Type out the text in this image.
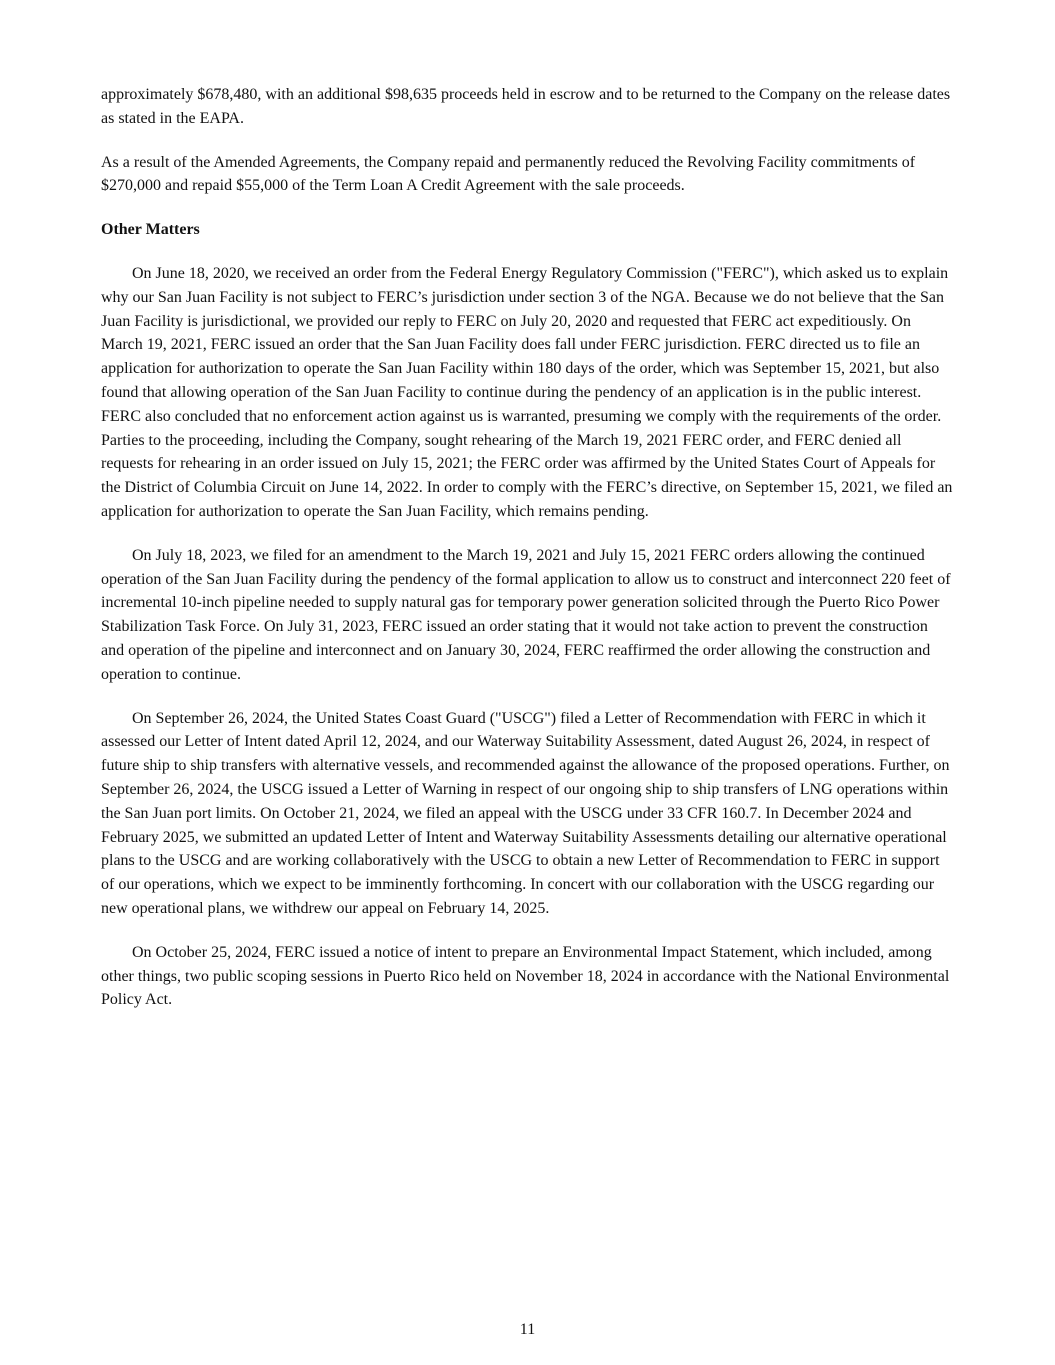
approximately $678,480, with an additional $98,635 proceeds held in escrow and to be returned to the Company on the release dates as stated in the EAPA.

As a result of the Amended Agreements, the Company repaid and permanently reduced the Revolving Facility commitments of $270,000 and repaid $55,000 of the Term Loan A Credit Agreement with the sale proceeds.

Other Matters

On June 18, 2020, we received an order from the Federal Energy Regulatory Commission ("FERC"), which asked us to explain why our San Juan Facility is not subject to FERC’s jurisdiction under section 3 of the NGA. Because we do not believe that the San Juan Facility is jurisdictional, we provided our reply to FERC on July 20, 2020 and requested that FERC act expeditiously. On March 19, 2021, FERC issued an order that the San Juan Facility does fall under FERC jurisdiction. FERC directed us to file an application for authorization to operate the San Juan Facility within 180 days of the order, which was September 15, 2021, but also found that allowing operation of the San Juan Facility to continue during the pendency of an application is in the public interest. FERC also concluded that no enforcement action against us is warranted, presuming we comply with the requirements of the order. Parties to the proceeding, including the Company, sought rehearing of the March 19, 2021 FERC order, and FERC denied all requests for rehearing in an order issued on July 15, 2021; the FERC order was affirmed by the United States Court of Appeals for the District of Columbia Circuit on June 14, 2022. In order to comply with the FERC’s directive, on September 15, 2021, we filed an application for authorization to operate the San Juan Facility, which remains pending.

On July 18, 2023, we filed for an amendment to the March 19, 2021 and July 15, 2021 FERC orders allowing the continued operation of the San Juan Facility during the pendency of the formal application to allow us to construct and interconnect 220 feet of incremental 10-inch pipeline needed to supply natural gas for temporary power generation solicited through the Puerto Rico Power Stabilization Task Force. On July 31, 2023, FERC issued an order stating that it would not take action to prevent the construction and operation of the pipeline and interconnect and on January 30, 2024, FERC reaffirmed the order allowing the construction and operation to continue.

On September 26, 2024, the United States Coast Guard ("USCG") filed a Letter of Recommendation with FERC in which it assessed our Letter of Intent dated April 12, 2024, and our Waterway Suitability Assessment, dated August 26, 2024, in respect of future ship to ship transfers with alternative vessels, and recommended against the allowance of the proposed operations. Further, on September 26, 2024, the USCG issued a Letter of Warning in respect of our ongoing ship to ship transfers of LNG operations within the San Juan port limits. On October 21, 2024, we filed an appeal with the USCG under 33 CFR 160.7. In December 2024 and February 2025, we submitted an updated Letter of Intent and Waterway Suitability Assessments detailing our alternative operational plans to the USCG and are working collaboratively with the USCG to obtain a new Letter of Recommendation to FERC in support of our operations, which we expect to be imminently forthcoming. In concert with our collaboration with the USCG regarding our new operational plans, we withdrew our appeal on February 14, 2025.

On October 25, 2024, FERC issued a notice of intent to prepare an Environmental Impact Statement, which included, among other things, two public scoping sessions in Puerto Rico held on November 18, 2024 in accordance with the National Environmental Policy Act.

11
